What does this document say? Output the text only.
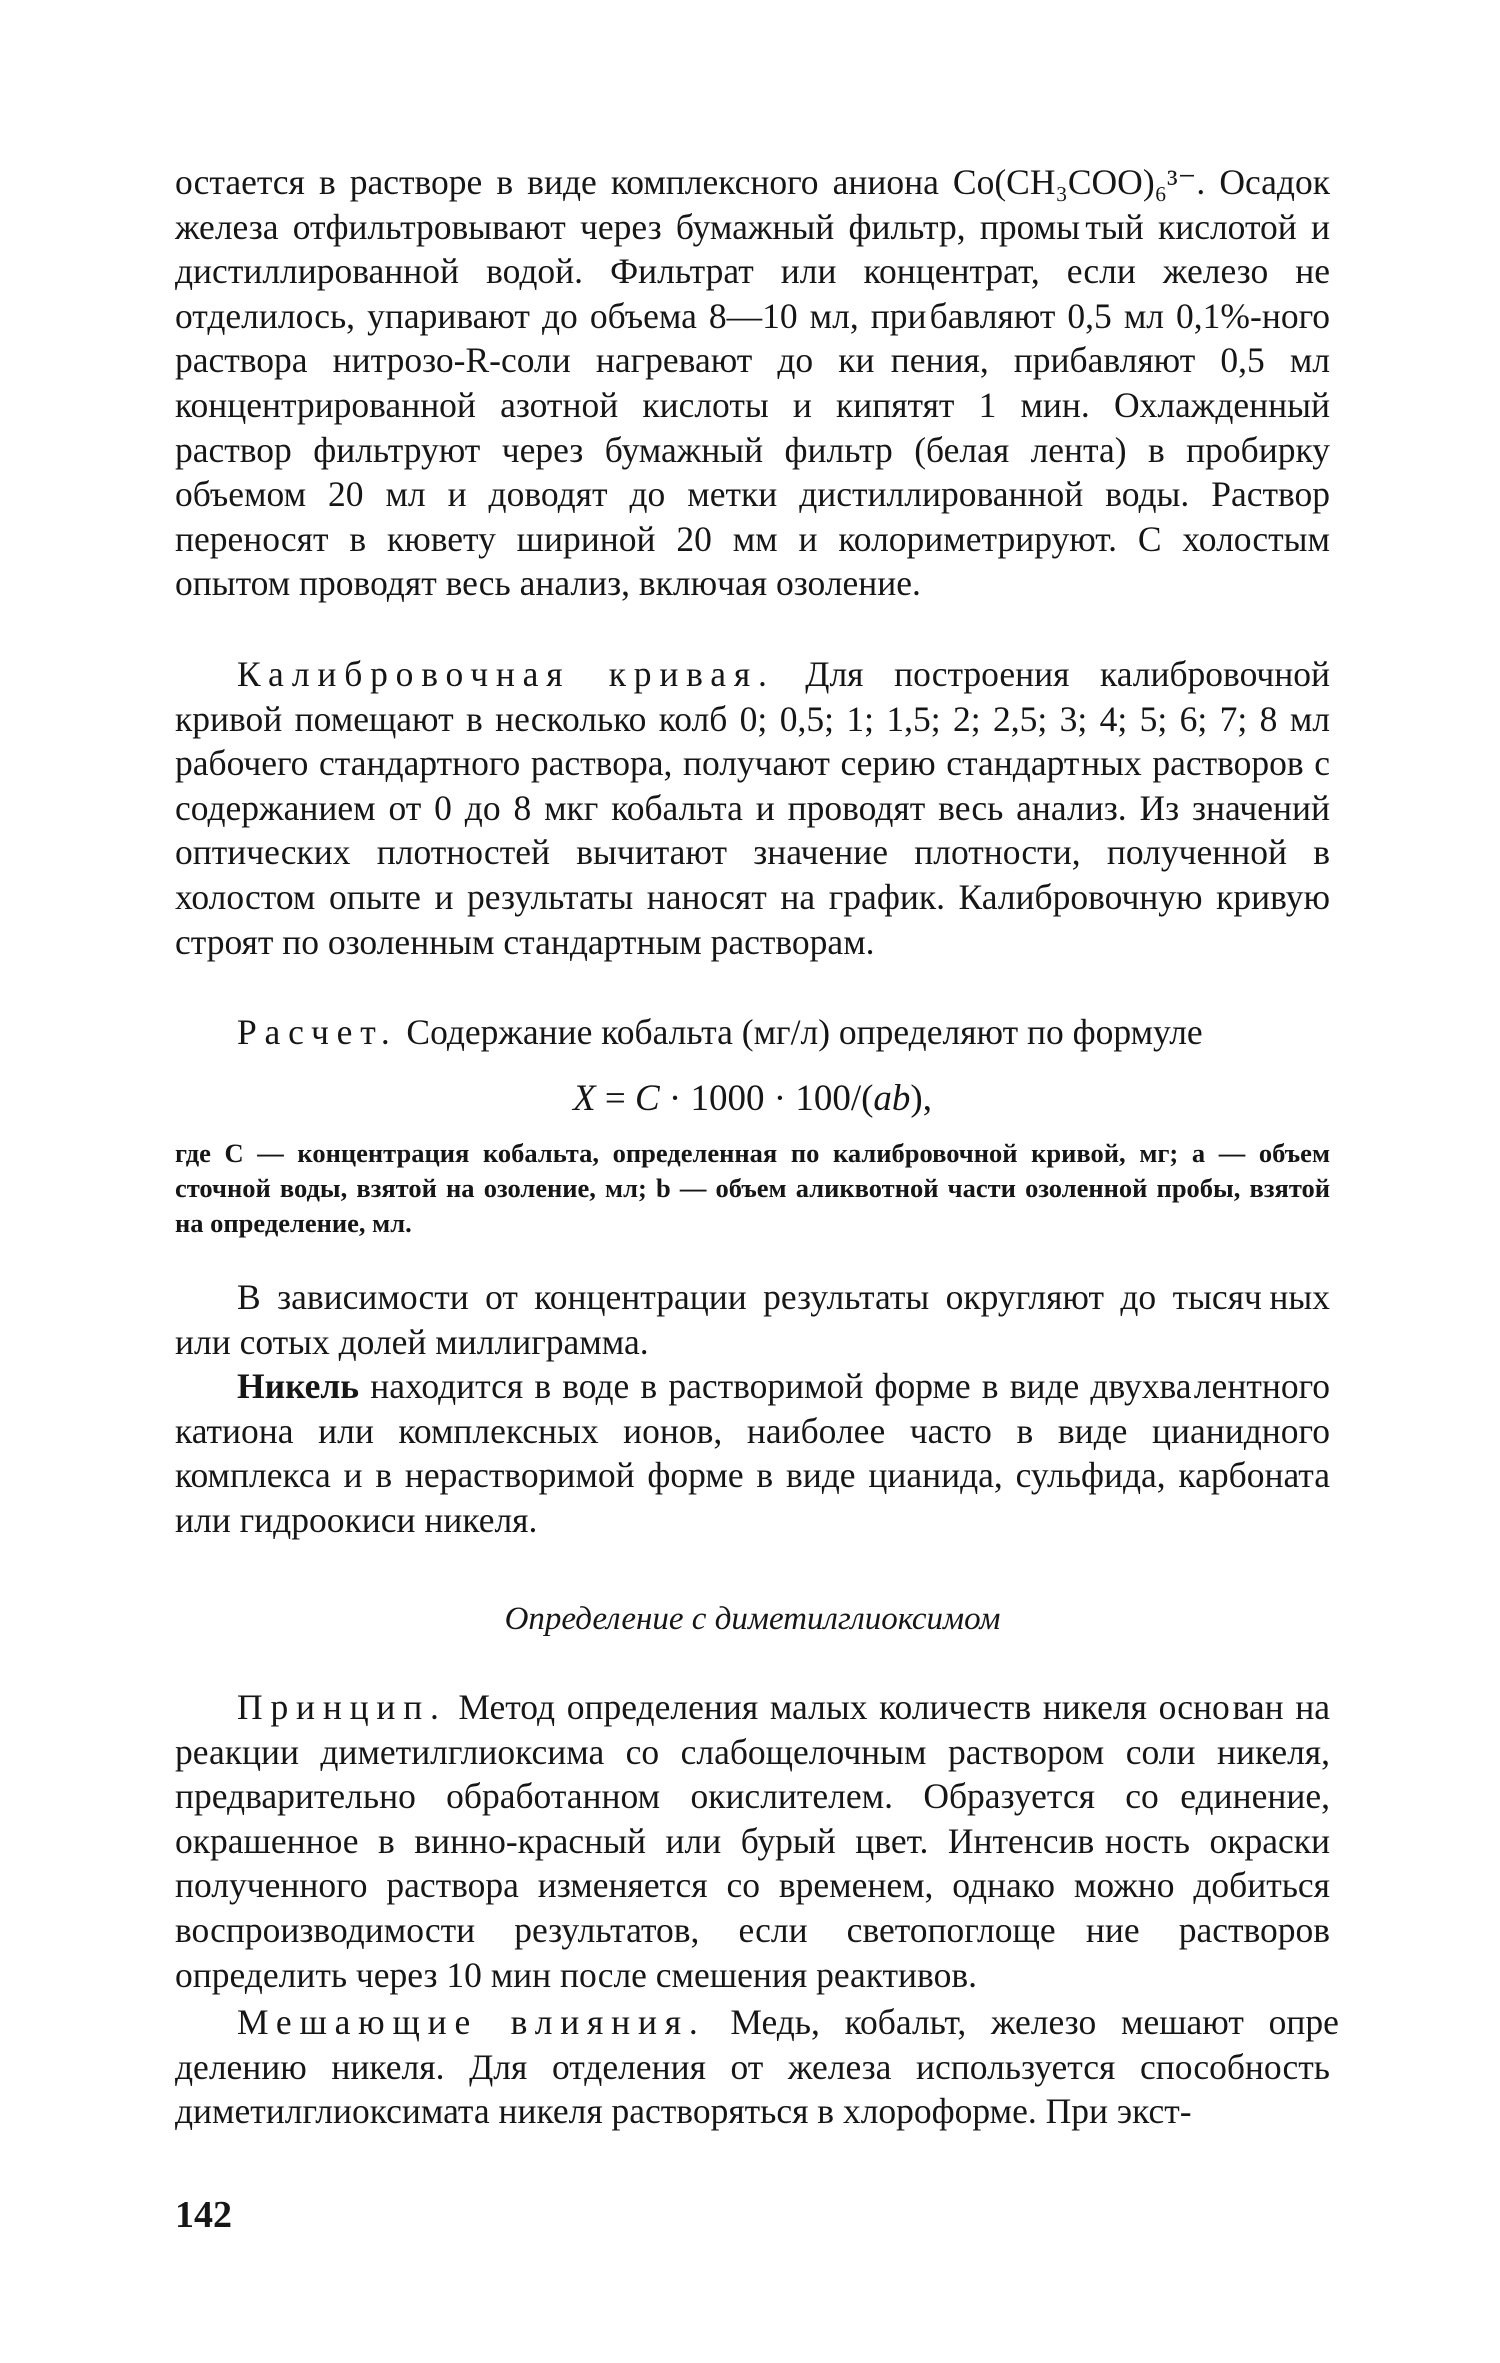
остается в растворе в виде комплексного аниона Co(CH₃COO)₆³⁻. Осадок железа отфильтровывают через бумажный фильтр, промы тый кислотой и дистиллированной водой. Фильтрат или концентрат, если железо не отделилось, упаривают до объема 8—10 мл, при бавляют 0,5 мл 0,1%-ного раствора нитрозо-R-соли нагревают до ки пения, прибавляют 0,5 мл концентрированной азотной кислоты и кипятят 1 мин. Охлажденный раствор фильтруют через бумажный фильтр (белая лента) в пробирку объемом 20 мл и доводят до метки дистиллированной воды. Раствор переносят в кювету шириной 20 мм и колориметрируют. С холостым опытом проводят весь анализ, вклю чая озоление.

Калибровочная кривая. Для построения калибровочной кривой помещают в несколько колб 0; 0,5; 1; 1,5; 2; 2,5; 3; 4; 5; 6; 7; 8 мл рабочего стандартного раствора, получают серию стандарт ных растворов с содержанием от 0 до 8 мкг кобальта и проводят весь анализ. Из значений оптических плотностей вычитают значение плотности, полученной в холостом опыте и результаты наносят на график. Калибровочную кривую строят по озоленным стандартным растворам.

Расчет. Содержание кобальта (мг/л) определяют по формуле

X = C · 1000 · 100/(ab),
где C — концентрация кобальта, определенная по калибровочной кривой, мг; a — объем сточной воды, взятой на озоление, мл; b — объем аликвотной части озоленной пробы, взятой на определение, мл.

В зависимости от концентрации результаты округляют до тысяч ных или сотых долей миллиграмма.

Никель находится в воде в растворимой форме в виде двухва лентного катиона или комплексных ионов, наиболее часто в виде цианидного комплекса и в нерастворимой форме в виде цианида, сульфида, карбоната или гидроокиси никеля.

Определение с диметилглиоксимом

Принцип. Метод определения малых количеств никеля осно ван на реакции диметилглиоксима со слабощелочным раствором соли никеля, предварительно обработанном окислителем. Образуется со единение, окрашенное в винно-красный или бурый цвет. Интенсив ность окраски полученного раствора изменяется со временем, однако можно добиться воспроизводимости результатов, если светопоглоще ние растворов определить через 10 мин после смешения реактивов.

Мешающие влияния. Медь, кобальт, железо мешают опре делению никеля. Для отделения от железа используется способность диметилглиоксимата никеля растворяться в хлороформе. При экст-

142
